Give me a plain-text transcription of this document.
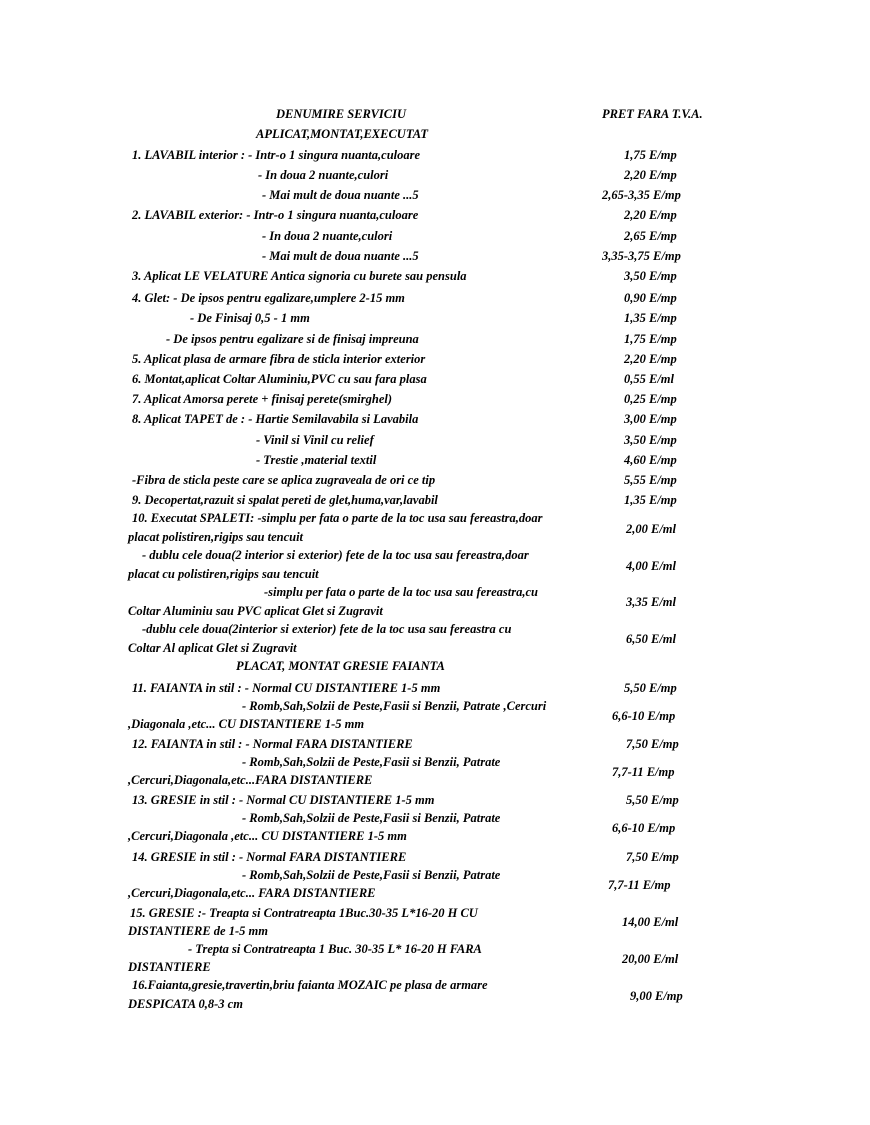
DENUMIRE SERVICIU	PRET FARA T.V.A.
APLICAT,MONTAT,EXECUTAT
1. LAVABIL interior : - Intr-o 1 singura nuanta,culoare	1,75 E/mp
- In doua 2 nuante,culori	2,20 E/mp
- Mai mult de doua nuante ...5	2,65-3,35 E/mp
2. LAVABIL exterior: - Intr-o 1 singura nuanta,culoare	2,20 E/mp
- In doua 2 nuante,culori	2,65 E/mp
- Mai mult de doua nuante ...5	3,35-3,75 E/mp
3. Aplicat LE VELATURE Antica signoria cu burete sau pensula	3,50 E/mp
4. Glet: - De ipsos pentru egalizare,umplere 2-15 mm	0,90 E/mp
- De Finisaj 0,5 - 1 mm	1,35 E/mp
- De ipsos pentru egalizare si de finisaj impreuna	1,75 E/mp
5. Aplicat plasa de armare fibra de sticla interior exterior	2,20 E/mp
6. Montat,aplicat Coltar Aluminiu,PVC cu sau fara plasa	0,55 E/ml
7. Aplicat Amorsa perete + finisaj perete(smirghel)	0,25 E/mp
8. Aplicat TAPET de : - Hartie Semilavabila si Lavabila	3,00 E/mp
- Vinil si Vinil cu relief	3,50 E/mp
- Trestie ,material textil	4,60 E/mp
-Fibra de sticla peste care se aplica zugraveala de ori ce tip	5,55 E/mp
9. Decopertat,razuit si spalat pereti de glet,huma,var,lavabil	1,35 E/mp
10. Executat SPALETI: -simplu per fata o parte de la toc usa sau fereastra,doar
placat polistiren,rigips sau tencuit
2,00 E/ml
- dublu cele doua(2 interior si exterior) fete de la toc usa sau fereastra,doar
placat cu polistiren,rigips sau tencuit
4,00 E/ml
-simplu per fata o parte de la toc usa sau fereastra,cu
Coltar Aluminiu sau PVC aplicat Glet si Zugravit
3,35 E/ml
-dublu cele doua(2interior si exterior) fete de la toc usa sau fereastra cu
Coltar Al aplicat Glet si Zugravit
6,50 E/ml
PLACAT, MONTAT GRESIE FAIANTA
11. FAIANTA in stil : - Normal CU DISTANTIERE 1-5 mm	5,50 E/mp
- Romb,Sah,Solzii de Peste,Fasii si Benzii, Patrate ,Cercuri
,Diagonala ,etc... CU DISTANTIERE 1-5 mm
6,6-10 E/mp
12. FAIANTA in stil : - Normal FARA DISTANTIERE	7,50 E/mp
- Romb,Sah,Solzii de Peste,Fasii si Benzii, Patrate
,Cercuri,Diagonala,etc...FARA DISTANTIERE
7,7-11 E/mp
13. GRESIE in stil : - Normal CU DISTANTIERE 1-5 mm	5,50 E/mp
- Romb,Sah,Solzii de Peste,Fasii si Benzii, Patrate
,Cercuri,Diagonala ,etc... CU DISTANTIERE 1-5 mm
6,6-10 E/mp
14. GRESIE in stil : - Normal FARA DISTANTIERE	7,50 E/mp
- Romb,Sah,Solzii de Peste,Fasii si Benzii, Patrate
,Cercuri,Diagonala,etc... FARA DISTANTIERE
7,7-11 E/mp
15. GRESIE :- Treapta si Contratreapta 1Buc.30-35 L*16-20 H CU
DISTANTIERE de 1-5 mm
14,00 E/ml
- Trepta si Contratreapta 1 Buc. 30-35 L* 16-20 H FARA
DISTANTIERE
20,00 E/ml
16.Faianta,gresie,travertin,briu faianta MOZAIC pe plasa de armare
DESPICATA 0,8-3 cm
9,00 E/mp
